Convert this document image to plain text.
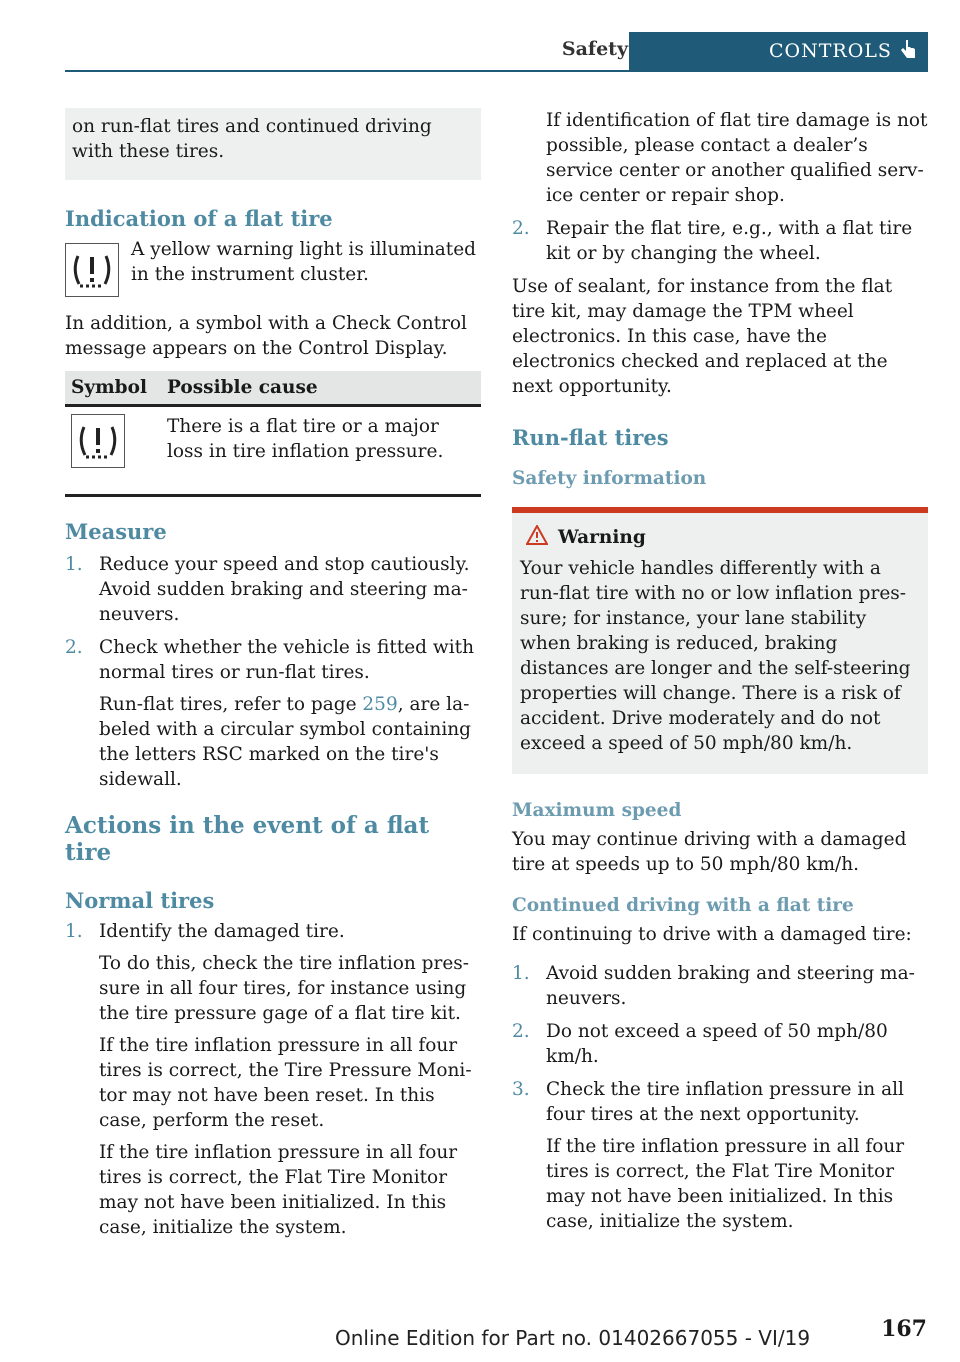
Safety	CONTROLS

on run-flat tires and continued driving with these tires.

Indication of a flat tire

A yellow warning light is illuminated in the instrument cluster.

In addition, a symbol with a Check Control message appears on the Control Display.

Symbol	Possible cause
	There is a flat tire or a major loss in tire inflation pressure.
Measure
1. Reduce your speed and stop cautiously. Avoid sudden braking and steering maneuvers.
2. Check whether the vehicle is fitted with normal tires or run-flat tires.

Run-flat tires, refer to page 259, are labeled with a circular symbol containing the letters RSC marked on the tire's sidewall.

Actions in the event of a flat tire
Normal tires
1. Identify the damaged tire.

To do this, check the tire inflation pressure in all four tires, for instance using the tire pressure gage of a flat tire kit.

If the tire inflation pressure in all four tires is correct, the Tire Pressure Monitor may not have been reset. In this case, perform the reset.

If the tire inflation pressure in all four tires is correct, the Flat Tire Monitor may not have been initialized. In this case, initialize the system.

If identification of flat tire damage is not possible, please contact a dealer’s service center or another qualified service center or repair shop.

2. Repair the flat tire, e.g., with a flat tire kit or by changing the wheel.

Use of sealant, for instance from the flat tire kit, may damage the TPM wheel electronics. In this case, have the electronics checked and replaced at the next opportunity.

Run-flat tires
Safety information
Warning

Your vehicle handles differently with a run-flat tire with no or low inflation pressure; for instance, your lane stability when braking is reduced, braking distances are longer and the self-steering properties will change. There is a risk of accident. Drive moderately and do not exceed a speed of 50 mph/80 km/h.

Maximum speed

You may continue driving with a damaged tire at speeds up to 50 mph/80 km/h.

Continued driving with a flat tire

If continuing to drive with a damaged tire:

1. Avoid sudden braking and steering maneuvers.
2. Do not exceed a speed of 50 mph/80 km/h.
3. Check the tire inflation pressure in all four tires at the next opportunity.

If the tire inflation pressure in all four tires is correct, the Flat Tire Monitor may not have been initialized. In this case, initialize the system.

Online Edition for Part no. 01402667055 - VI/19	167
